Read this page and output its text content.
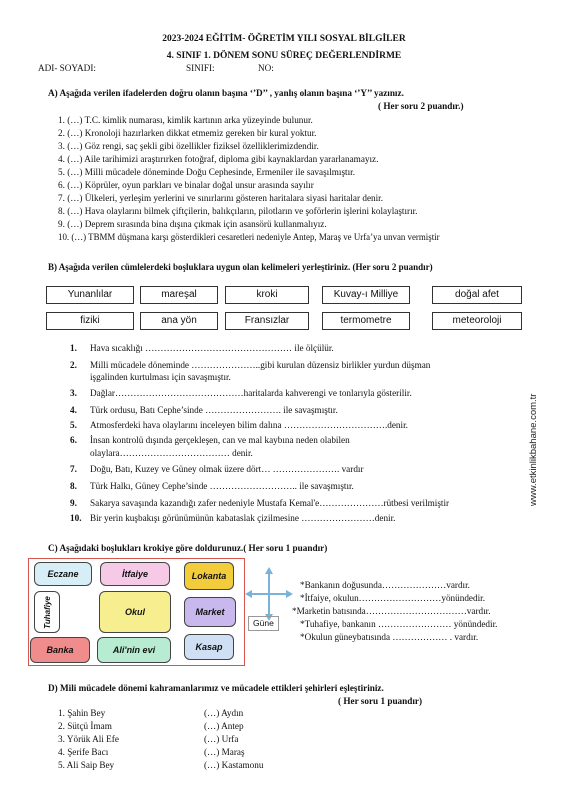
2023-2024 EĞİTİM- ÖĞRETİM YILI SOSYAL BİLGİLER
4. SINIF 1. DÖNEM SONU SÜREÇ DEĞERLENDİRME
ADI- SOYADI:	SINIFI:	NO:
A) Aşağıda verilen ifadelerden doğru olanın başına ‘’D’’ , yanlış olanın başına ‘’Y’’ yazınız.
( Her soru 2 puandır.)
1. (…) T.C. kimlik numarası, kimlik kartının arka yüzeyinde bulunur.
2. (…) Kronoloji hazırlarken dikkat etmemiz gereken bir kural yoktur.
3. (…) Göz rengi, saç şekli gibi özellikler fiziksel özelliklerimizdendir.
4. (…) Aile tarihimizi araştırırken fotoğraf, diploma gibi kaynaklardan yararlanamayız.
5. (…) Milli mücadele döneminde Doğu Cephesinde, Ermeniler ile savaşılmıştır.
6. (…) Köprüler, oyun parkları ve binalar doğal unsur arasında sayılır
7. (…) Ülkeleri, yerleşim yerlerini ve sınırlarını gösteren haritalara siyasi haritalar denir.
8. (…) Hava olaylarını bilmek çiftçilerin, balıkçıların, pilotların ve şoförlerin işlerini kolaylaştırır.
9. (…) Deprem sırasında bina dışına çıkmak için asansörü kullanmalıyız.
10. (…) TBMM düşmana karşı gösterdikleri cesaretleri nedeniyle Antep, Maraş ve Urfa’ya unvan vermiştir
B) Aşağıda verilen cümlelerdeki boşluklara uygun olan kelimeleri yerleştiriniz. (Her soru 2 puandır)
Yunanlılar	mareşal	kroki	Kuvay-ı Milliye	doğal afet
fiziki	ana yön	Fransızlar	termometre	meteoroloji
1. Hava sıcaklığı ………………………………………… ile ölçülür.
2. Milli mücadele döneminde …………………..gibi kurulan düzensiz birlikler yurdun düşman
işgalinden kurtulması için savaşmıştır.
3. Dağlar……………………………………haritalarda kahverengi ve tonlarıyla gösterilir.
4. Türk ordusu, Batı Cephe’sinde ……………………. ile savaşmıştır.
5. Atmosferdeki hava olaylarını inceleyen bilim dalına …………………………….denir.
6. İnsan kontrolü dışında gerçekleşen, can ve mal kaybına neden olabilen
olaylara……………………………… denir.
7. Doğu, Batı, Kuzey ve Güney olmak üzere dört… …………………. vardır
8. Türk Halkı, Güney Cephe’sinde ……………………….. ile savaşmıştır.
9. Sakarya savaşında kazandığı zafer nedeniyle Mustafa Kemal'e…………………rütbesi verilmiştir
10. Bir yerin kuşbakışı görünümünün kabataslak çizilmesine ……………………denir.
www.etkinlikbahane.com.tr
C) Aşağıdaki boşlukları krokiye göre doldurunuz.( Her soru 1 puandır)
Eczane	İtfaiye	Lokanta
Tuhafiye	Okul	Market
Banka	Ali'nin evi	Kasap
Güne
*Bankanın doğusunda…………………vardır.
*İtfaiye, okulun………………………yönündedir.
*Marketin batısında……………………………vardır.
*Tuhafiye, bankanın …………………… yönündedir.
*Okulun güneybatısında ……………… . vardır.
D) Mili mücadele dönemi kahramanlarımız ve mücadele ettikleri şehirleri eşleştiriniz.
( Her soru 1 puandır)
1. Şahin Bey
2. Sütçü İmam
3. Yörük Ali Efe
4. Şerife Bacı
5. Ali Saip Bey
(…) Aydın
(…) Antep
(…) Urfa
(…) Maraş
(…) Kastamonu
